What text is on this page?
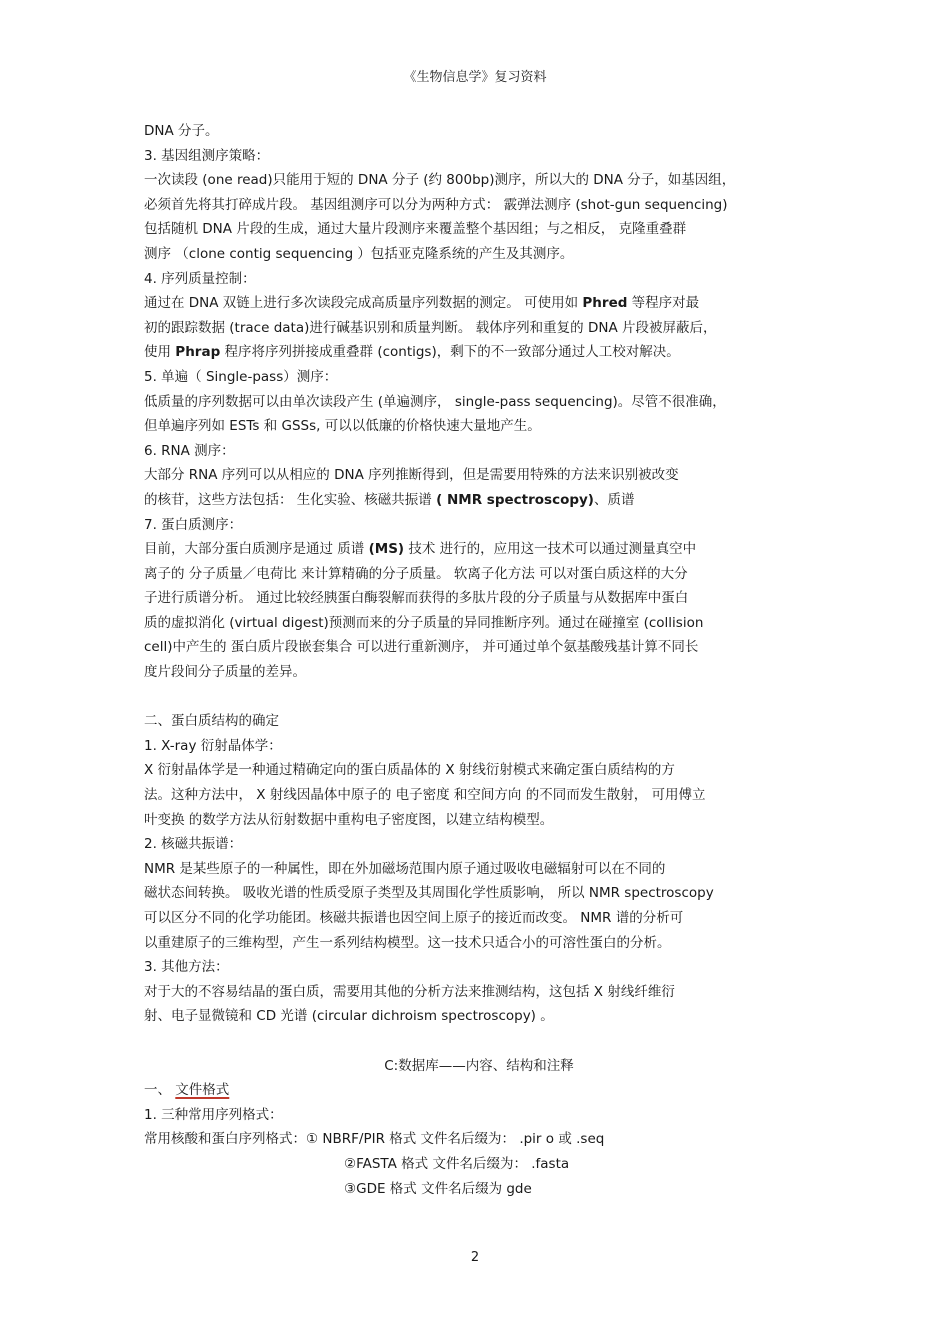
《生物信息学》复习资料
DNA 分子。
3. 基因组测序策略：
一次读段 (one read)只能用于短的 DNA 分子 (约 800bp)测序，所以大的 DNA 分子，如基因组，
必须首先将其打碎成片段。 基因组测序可以分为两种方式： 霰弹法测序 (shot-gun sequencing)
包括随机 DNA 片段的生成，通过大量片段测序来覆盖整个基因组；与之相反， 克隆重叠群
测序 （clone contig sequencing ）包括亚克隆系统的产生及其测序。
4. 序列质量控制：
通过在 DNA 双链上进行多次读段完成高质量序列数据的测定。 可使用如 Phred 等程序对最
初的跟踪数据 (trace data)进行碱基识别和质量判断。 载体序列和重复的 DNA 片段被屏蔽后，
使用 Phrap 程序将序列拼接成重叠群 (contigs)，剩下的不一致部分通过人工校对解决。
5. 单遍（ Single-pass）测序：
低质量的序列数据可以由单次读段产生 (单遍测序， single-pass sequencing)。尽管不很准确，
但单遍序列如 ESTs 和 GSSs, 可以以低廉的价格快速大量地产生。
6. RNA 测序：
大部分 RNA 序列可以从相应的 DNA 序列推断得到，但是需要用特殊的方法来识别被改变
的核苷，这些方法包括： 生化实验、核磁共振谱 ( NMR spectroscopy)、质谱
7. 蛋白质测序：
目前，大部分蛋白质测序是通过 质谱 (MS) 技术 进行的，应用这一技术可以通过测量真空中
离子的 分子质量／电荷比 来计算精确的分子质量。 软离子化方法 可以对蛋白质这样的大分
子进行质谱分析。 通过比较经胰蛋白酶裂解而获得的多肽片段的分子质量与从数据库中蛋白
质的虚拟消化 (virtual digest)预测而来的分子质量的异同推断序列。通过在碰撞室 (collision
cell)中产生的 蛋白质片段嵌套集合 可以进行重新测序， 并可通过单个氨基酸残基计算不同长
度片段间分子质量的差异。
二、蛋白质结构的确定
1. X-ray 衍射晶体学：
X 衍射晶体学是一种通过精确定向的蛋白质晶体的 X 射线衍射模式来确定蛋白质结构的方
法。这种方法中， X 射线因晶体中原子的 电子密度 和空间方向 的不同而发生散射， 可用傅立
叶变换 的数学方法从衍射数据中重构电子密度图，以建立结构模型。
2. 核磁共振谱：
NMR 是某些原子的一种属性，即在外加磁场范围内原子通过吸收电磁辐射可以在不同的
磁状态间转换。 吸收光谱的性质受原子类型及其周围化学性质影响， 所以 NMR spectroscopy
可以区分不同的化学功能团。核磁共振谱也因空间上原子的接近而改变。 NMR 谱的分析可
以重建原子的三维构型，产生一系列结构模型。这一技术只适合小的可溶性蛋白的分析。
3. 其他方法：
对于大的不容易结晶的蛋白质，需要用其他的分析方法来推测结构，这包括 X 射线纤维衍
射、电子显微镜和 CD 光谱 (circular dichroism spectroscopy) 。
C:数据库——内容、结构和注释
一、 文件格式
1. 三种常用序列格式：
常用核酸和蛋白序列格式：① NBRF/PIR 格式 文件名后缀为： .pir o 或 .seq
②FASTA 格式 文件名后缀为： .fasta
③GDE 格式 文件名后缀为 gde
2
